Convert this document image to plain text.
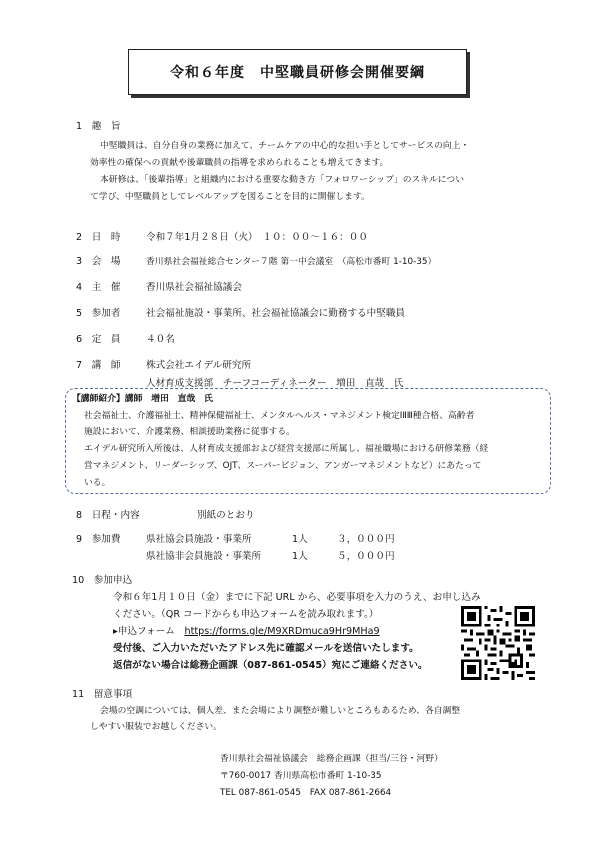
令和６年度　中堅職員研修会開催要綱
1　趣　旨
中堅職員は、自分自身の業務に加えて、チームケアの中心的な担い手としてサービスの向上・
効率性の確保への貢献や後輩職員の指導を求められることも増えてきます。
本研修は、「後輩指導」と組織内における重要な動き方「フォロワーシップ」のスキルについ
て学び、中堅職員としてレベルアップを図ることを目的に開催します。
2　日　時	令和７年1月２８日（火）　１０：００～１６：００
3　会　場	香川県社会福祉総合センター７階 第一中会議室　（高松市番町 1-10-35）
4　主　催	香川県社会福祉協議会
5　参加者	社会福祉施設・事業所、社会福祉協議会に勤務する中堅職員
6　定　員	４０名
7　講　師	株式会社エイデル研究所
人材育成支援部　チーフコーディネーター　増田　直哉　氏
【講師紹介】講師　増田　直哉　氏
社会福祉士、介護福祉士、精神保健福祉士、メンタルヘルス・マネジメント検定ⅠⅡⅢ種合格、高齢者
施設において、介護業務、相談援助業務に従事する。
エイデル研究所入所後は、人材育成支援部および経営支援部に所属し、福祉職場における研修業務（経
営マネジメント、リーダーシップ、OJT、スーパービジョン、アンガーマネジメントなど）にあたって
いる。
8　日程・内容	別紙のとおり
9　参加費	県社協会員施設・事業所	1人	３，０００円
県社協非会員施設・事業所	1人	５，０００円
10　参加申込
令和６年1月１０日（金）までに下記 URL から、必要事項を入力のうえ、お申し込み
ください。（QR コードからも申込フォームを読み取れます。）
▸申込フォーム　https://forms.gle/M9XRDmuca9Hr9MHa9
受付後、ご入力いただいたアドレス先に確認メールを送信いたします。
返信がない場合は総務企画課（087-861-0545）宛にご連絡ください。
11　留意事項
会場の空調については、個人差、また会場により調整が難しいところもあるため、各自調整
しやすい服装でお越しください。
香川県社会福祉協議会　総務企画課（担当/三谷・河野）
〒760-0017 香川県高松市番町 1-10-35
TEL 087-861-0545　FAX 087-861-2664
